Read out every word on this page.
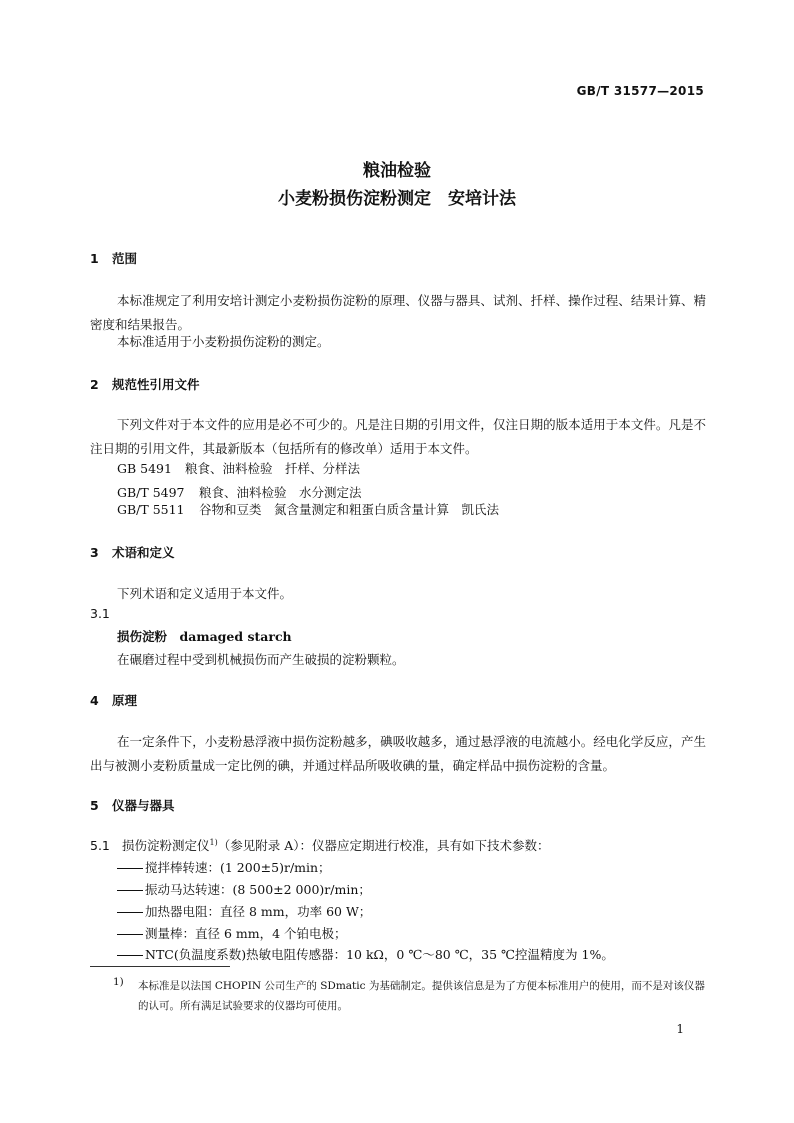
GB/T 31577—2015
粮油检验
小麦粉损伤淀粉测定　安培计法
1 范围
本标准规定了利用安培计测定小麦粉损伤淀粉的原理、仪器与器具、试剂、扦样、操作过程、结果计算、精密度和结果报告。
本标准适用于小麦粉损伤淀粉的测定。
2 规范性引用文件
下列文件对于本文件的应用是必不可少的。凡是注日期的引用文件，仅注日期的版本适用于本文件。凡是不注日期的引用文件，其最新版本（包括所有的修改单）适用于本文件。
GB 5491 粮食、油料检验　扦样、分样法
GB/T 5497 粮食、油料检验　水分测定法
GB/T 5511 谷物和豆类　氮含量测定和粗蛋白质含量计算　凯氏法
3 术语和定义
下列术语和定义适用于本文件。
3.1
损伤淀粉　damaged starch
在碾磨过程中受到机械损伤而产生破损的淀粉颗粒。
4 原理
在一定条件下，小麦粉悬浮液中损伤淀粉越多，碘吸收越多，通过悬浮液的电流越小。经电化学反应，产生出与被测小麦粉质量成一定比例的碘，并通过样品所吸收碘的量，确定样品中损伤淀粉的含量。
5 仪器与器具
5.1 损伤淀粉测定仪$^{1)}$（参见附录 A）：仪器应定期进行校准，具有如下技术参数：
搅拌棒转速：(1 200±5)r/min；
振动马达转速：(8 500±2 000)r/min；
加热器电阻：直径 8 mm，功率 60 W；
测量棒：直径 6 mm，4 个铂电极；
NTC(负温度系数)热敏电阻传感器：10 kΩ，0 ℃～80 ℃，35 ℃控温精度为 1%。
1) 本标准是以法国 CHOPIN 公司生产的 SDmatic 为基础制定。提供该信息是为了方便本标准用户的使用，而不是对该仪器的认可。所有满足试验要求的仪器均可使用。
1
